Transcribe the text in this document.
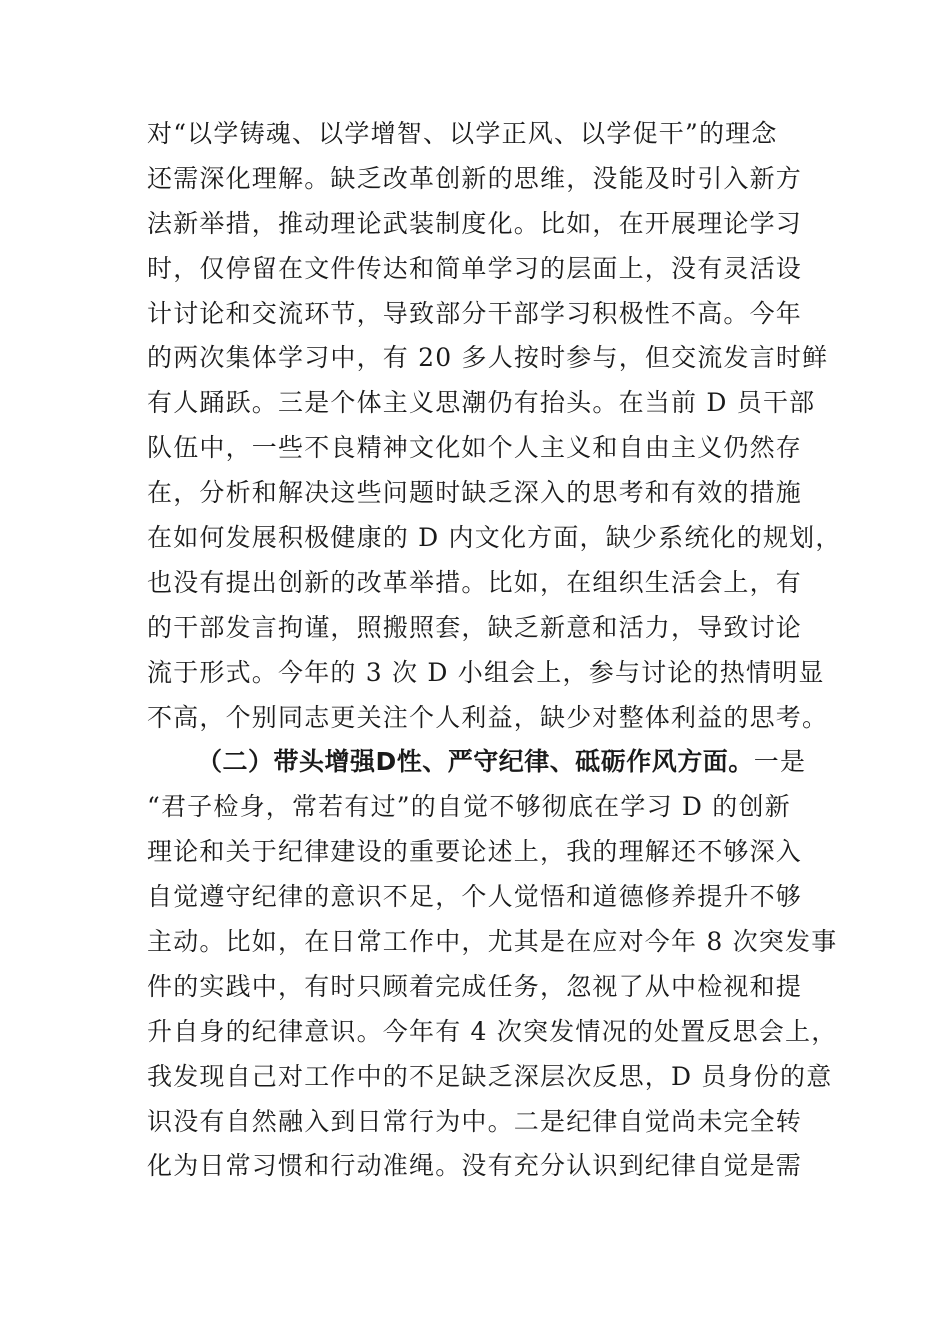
对“以学铸魂、以学增智、以学正风、以学促干”的理念
还需深化理解。缺乏改革创新的思维，没能及时引入新方
法新举措，推动理论武装制度化。比如，在开展理论学习
时，仅停留在文件传达和简单学习的层面上，没有灵活设
计讨论和交流环节，导致部分干部学习积极性不高。今年
的两次集体学习中，有 20 多人按时参与，但交流发言时鲜
有人踊跃。三是个体主义思潮仍有抬头。在当前 D 员干部
队伍中，一些不良精神文化如个人主义和自由主义仍然存
在，分析和解决这些问题时缺乏深入的思考和有效的措施
在如何发展积极健康的 D 内文化方面，缺少系统化的规划，
也没有提出创新的改革举措。比如，在组织生活会上，有
的干部发言拘谨，照搬照套，缺乏新意和活力，导致讨论
流于形式。今年的 3 次 D 小组会上，参与讨论的热情明显
不高，个别同志更关注个人利益，缺少对整体利益的思考。
（二）带头增强D性、严守纪律、砥砺作风方面。一是
“君子检身，常若有过”的自觉不够彻底在学习 D 的创新
理论和关于纪律建设的重要论述上，我的理解还不够深入
自觉遵守纪律的意识不足，个人觉悟和道德修养提升不够
主动。比如，在日常工作中，尤其是在应对今年 8 次突发事
件的实践中，有时只顾着完成任务，忽视了从中检视和提
升自身的纪律意识。今年有 4 次突发情况的处置反思会上，
我发现自己对工作中的不足缺乏深层次反思，D 员身份的意
识没有自然融入到日常行为中。二是纪律自觉尚未完全转
化为日常习惯和行动准绳。没有充分认识到纪律自觉是需
